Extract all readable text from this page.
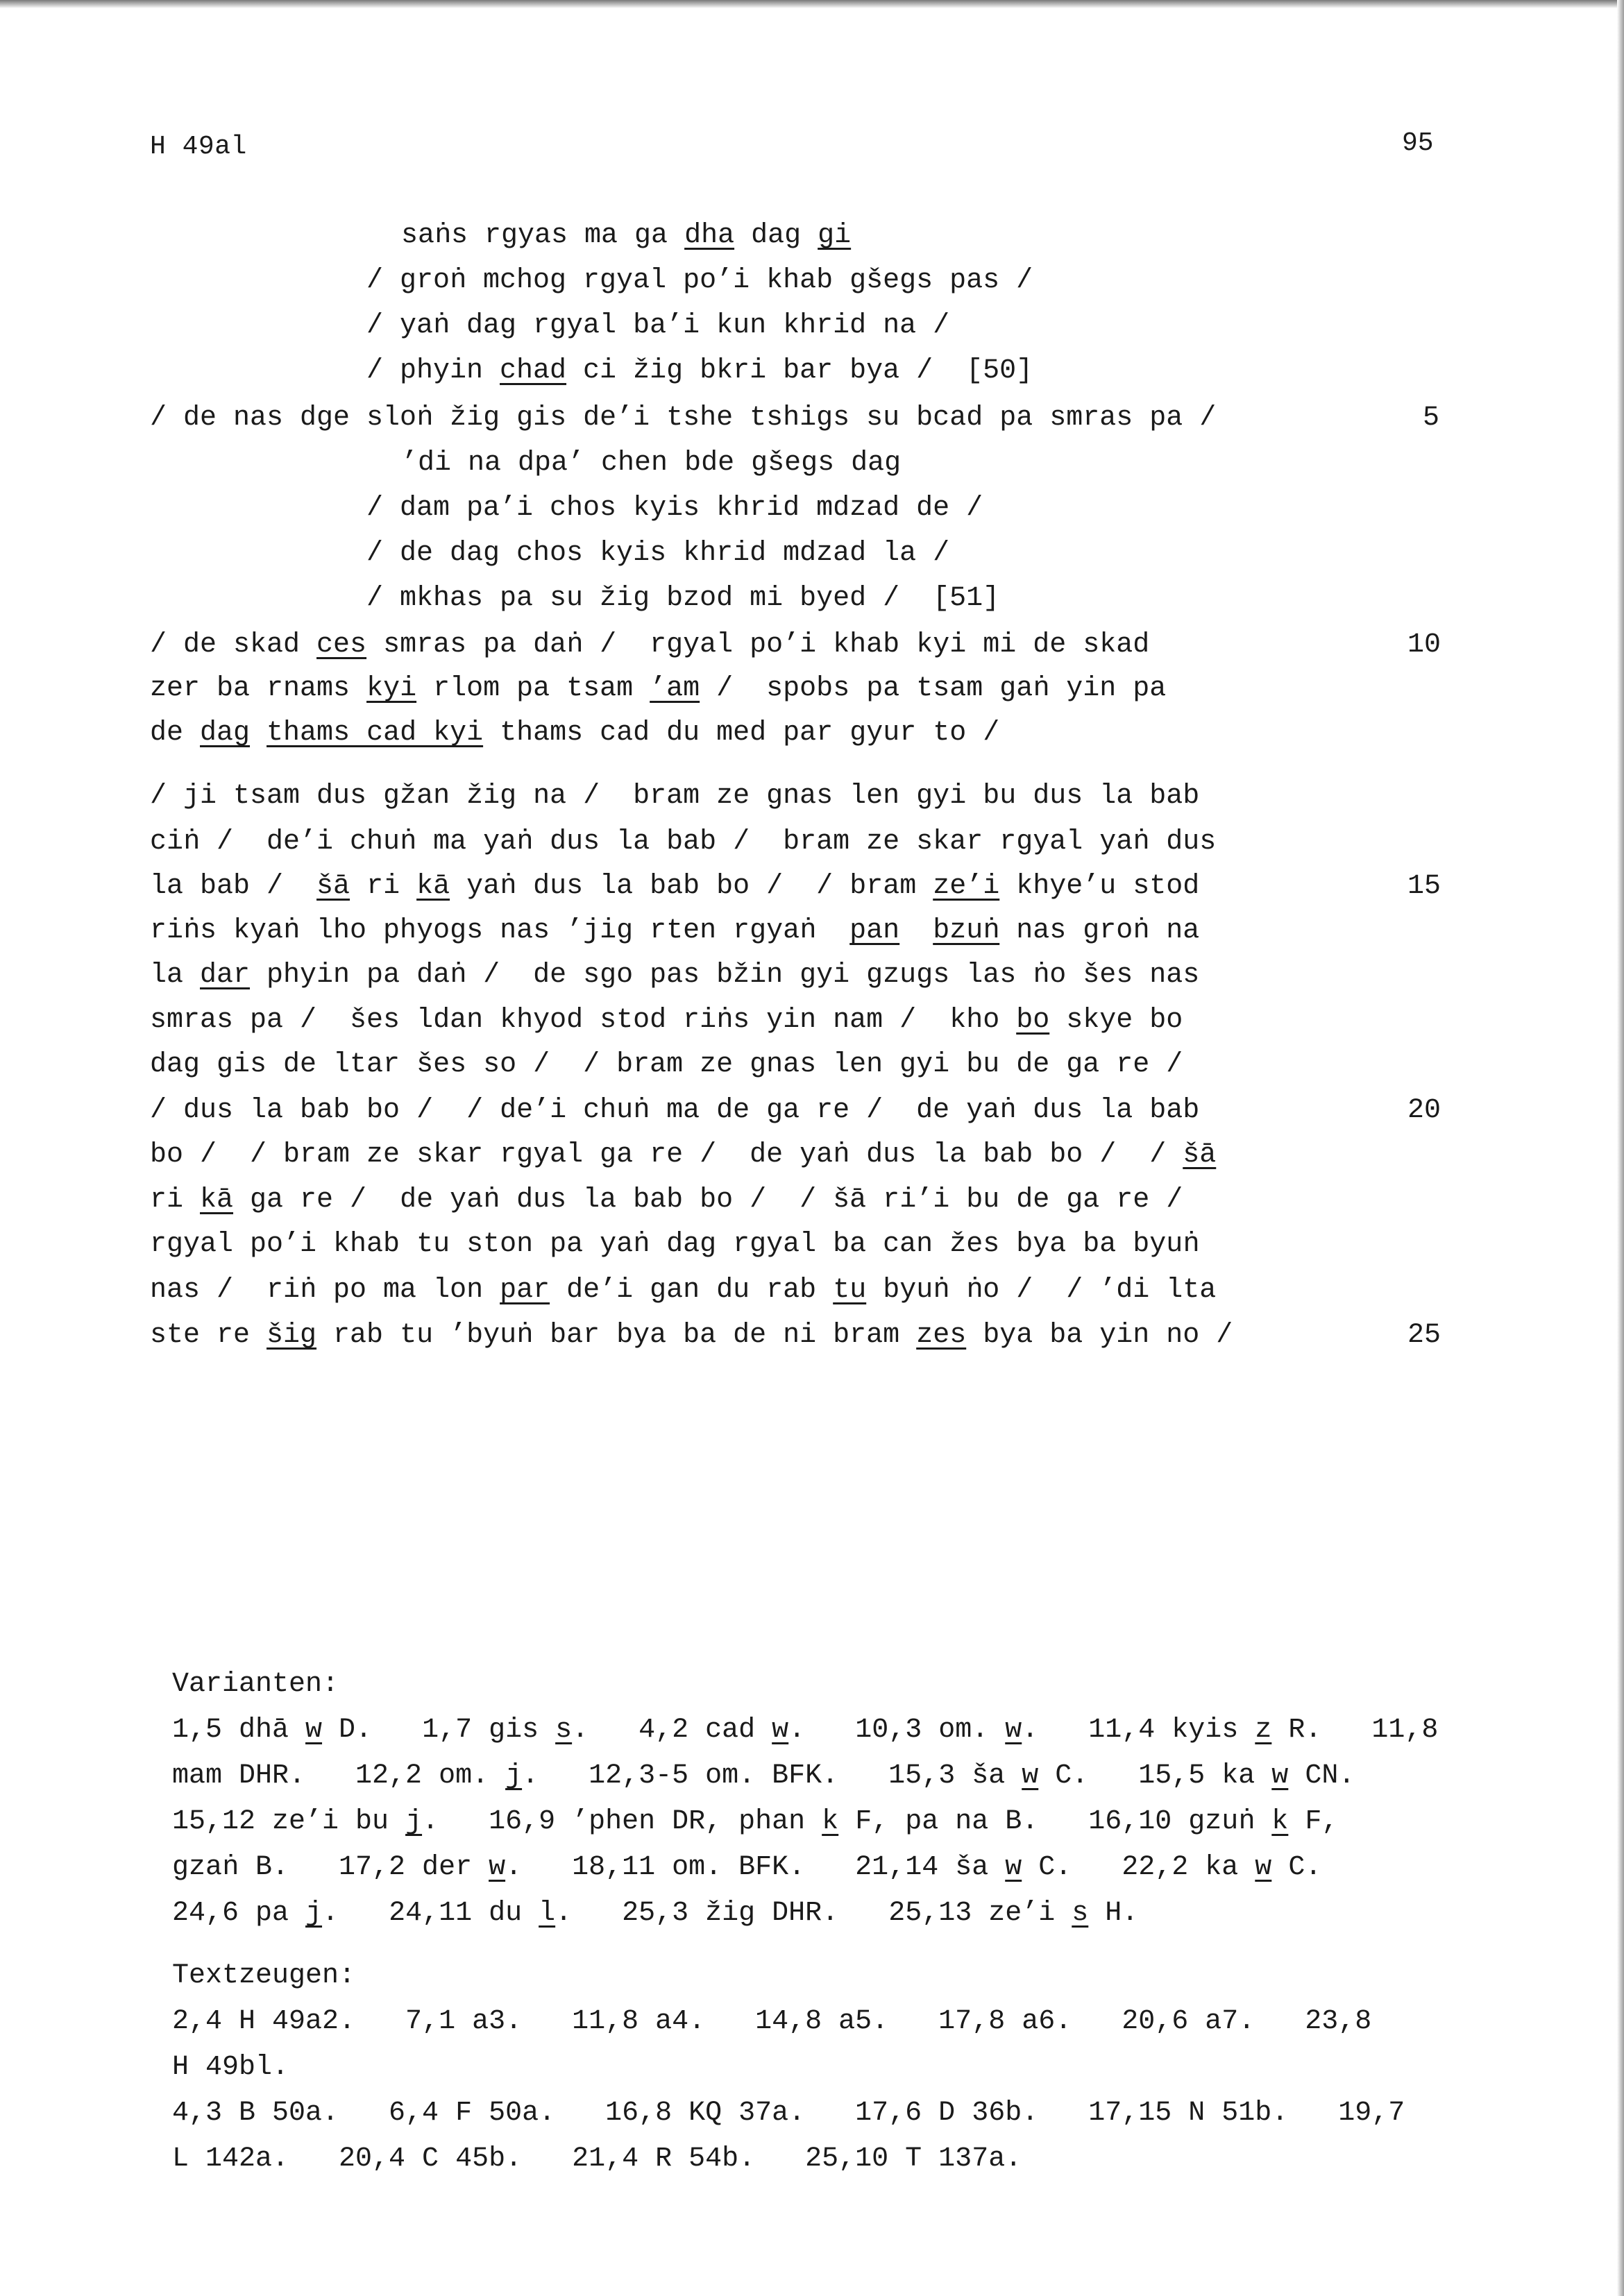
H 49al	95
saṅs rgyas ma ga dha dag gi
/ groṅ mchog rgyal po’i khab gšegs pas /
/ yaṅ dag rgyal ba’i kun khrid na /
/ phyin chad ci žig bkri bar bya /  [50]
/ de nas dge sloṅ žig gis de’i tshe tshigs su bcad pa smras pa /
’di na dpa’ chen bde gšegs dag
/ dam pa’i chos kyis khrid mdzad de /
/ de dag chos kyis khrid mdzad la /
/ mkhas pa su žig bzod mi byed /  [51]
/ de skad ces smras pa daṅ /  rgyal po’i khab kyi mi de skad
zer ba rnams kyi rlom pa tsam ’am /  spobs pa tsam gaṅ yin pa
de dag thams cad kyi thams cad du med par gyur to /
/ ji tsam dus gžan žig na /  bram ze gnas len gyi bu dus la bab
ciṅ /  de’i chuṅ ma yaṅ dus la bab /  bram ze skar rgyal yaṅ dus
la bab /  šā ri kā yaṅ dus la bab bo /  / bram ze’i khye’u stod
riṅs kyaṅ lho phyogs nas ’jig rten rgyaṅ  pan bzuṅ nas groṅ na
la dar phyin pa daṅ /  de sgo pas bžin gyi gzugs las ṅo šes nas
smras pa /  šes ldan khyod stod riṅs yin nam /  kho bo skye bo
dag gis de ltar šes so /  / bram ze gnas len gyi bu de ga re /
/ dus la bab bo /  / de’i chuṅ ma de ga re /  de yaṅ dus la bab
bo /  / bram ze skar rgyal ga re /  de yaṅ dus la bab bo /  / šā
ri kā ga re /  de yaṅ dus la bab bo /  / šā ri’i bu de ga re /
rgyal po’i khab tu ston pa yaṅ dag rgyal ba can žes bya ba byuṅ
nas /  riṅ po ma lon par de’i gan du rab tu byuṅ ṅo /  / ’di lta
ste re šig rab tu ’byuṅ bar bya ba de ni bram zes bya ba yin no /
5
10
15
20
25
Varianten:
1,5 dhā w D.   1,7 gis s.   4,2 cad w.   10,3 om. w.   11,4 kyis z R.   11,8
mam DHR.   12,2 om. j.   12,3-5 om. BFK.   15,3 ša w C.   15,5 ka w CN.
15,12 ze’i bu j.   16,9 ’phen DR, phan k F, pa na B.   16,10 gzuṅ k F,
gzaṅ B.   17,2 der w.   18,11 om. BFK.   21,14 ša w C.   22,2 ka w C.
24,6 pa j.   24,11 du l.   25,3 žig DHR.   25,13 ze’i s H.
Textzeugen:
2,4 H 49a2.   7,1 a3.   11,8 a4.   14,8 a5.   17,8 a6.   20,6 a7.   23,8
H 49bl.
4,3 B 50a.   6,4 F 50a.   16,8 KQ 37a.   17,6 D 36b.   17,15 N 51b.   19,7
L 142a.   20,4 C 45b.   21,4 R 54b.   25,10 T 137a.
